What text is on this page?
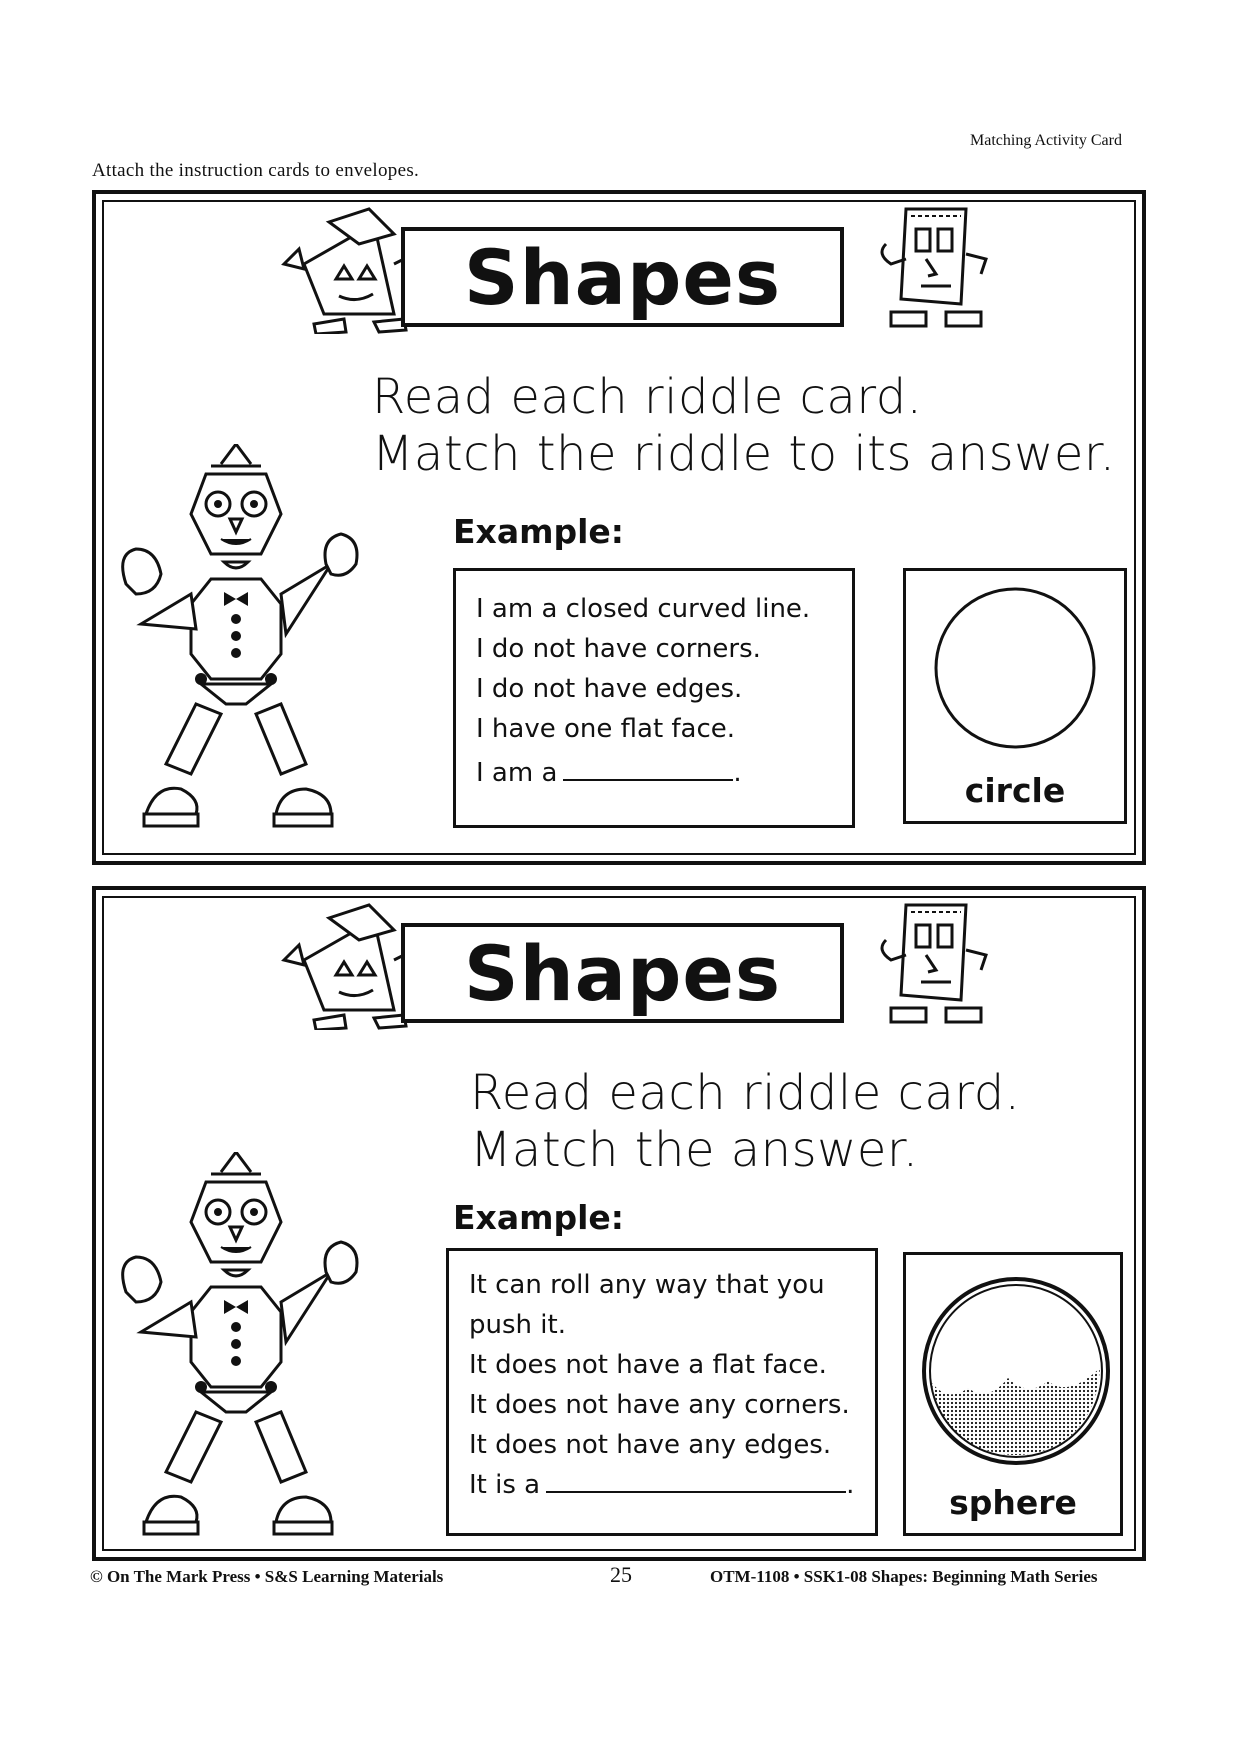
Matching Activity Card
Attach the instruction cards to envelopes.
Shapes
Read each riddle card.
Match the riddle to its answer.
Example:
I am a closed curved line.
I do not have corners.
I do not have edges.
I have one flat face.
I am a	.	circle
Shapes
Read each riddle card.
Match the answer.
Example:
It can roll any way that you
push it.
It does not have a flat face.
It does not have any corners.
It does not have any edges.
It is a	.	sphere
© On The Mark Press • S&S Learning Materials	25	OTM-1108 • SSK1-08 Shapes: Beginning Math Series
